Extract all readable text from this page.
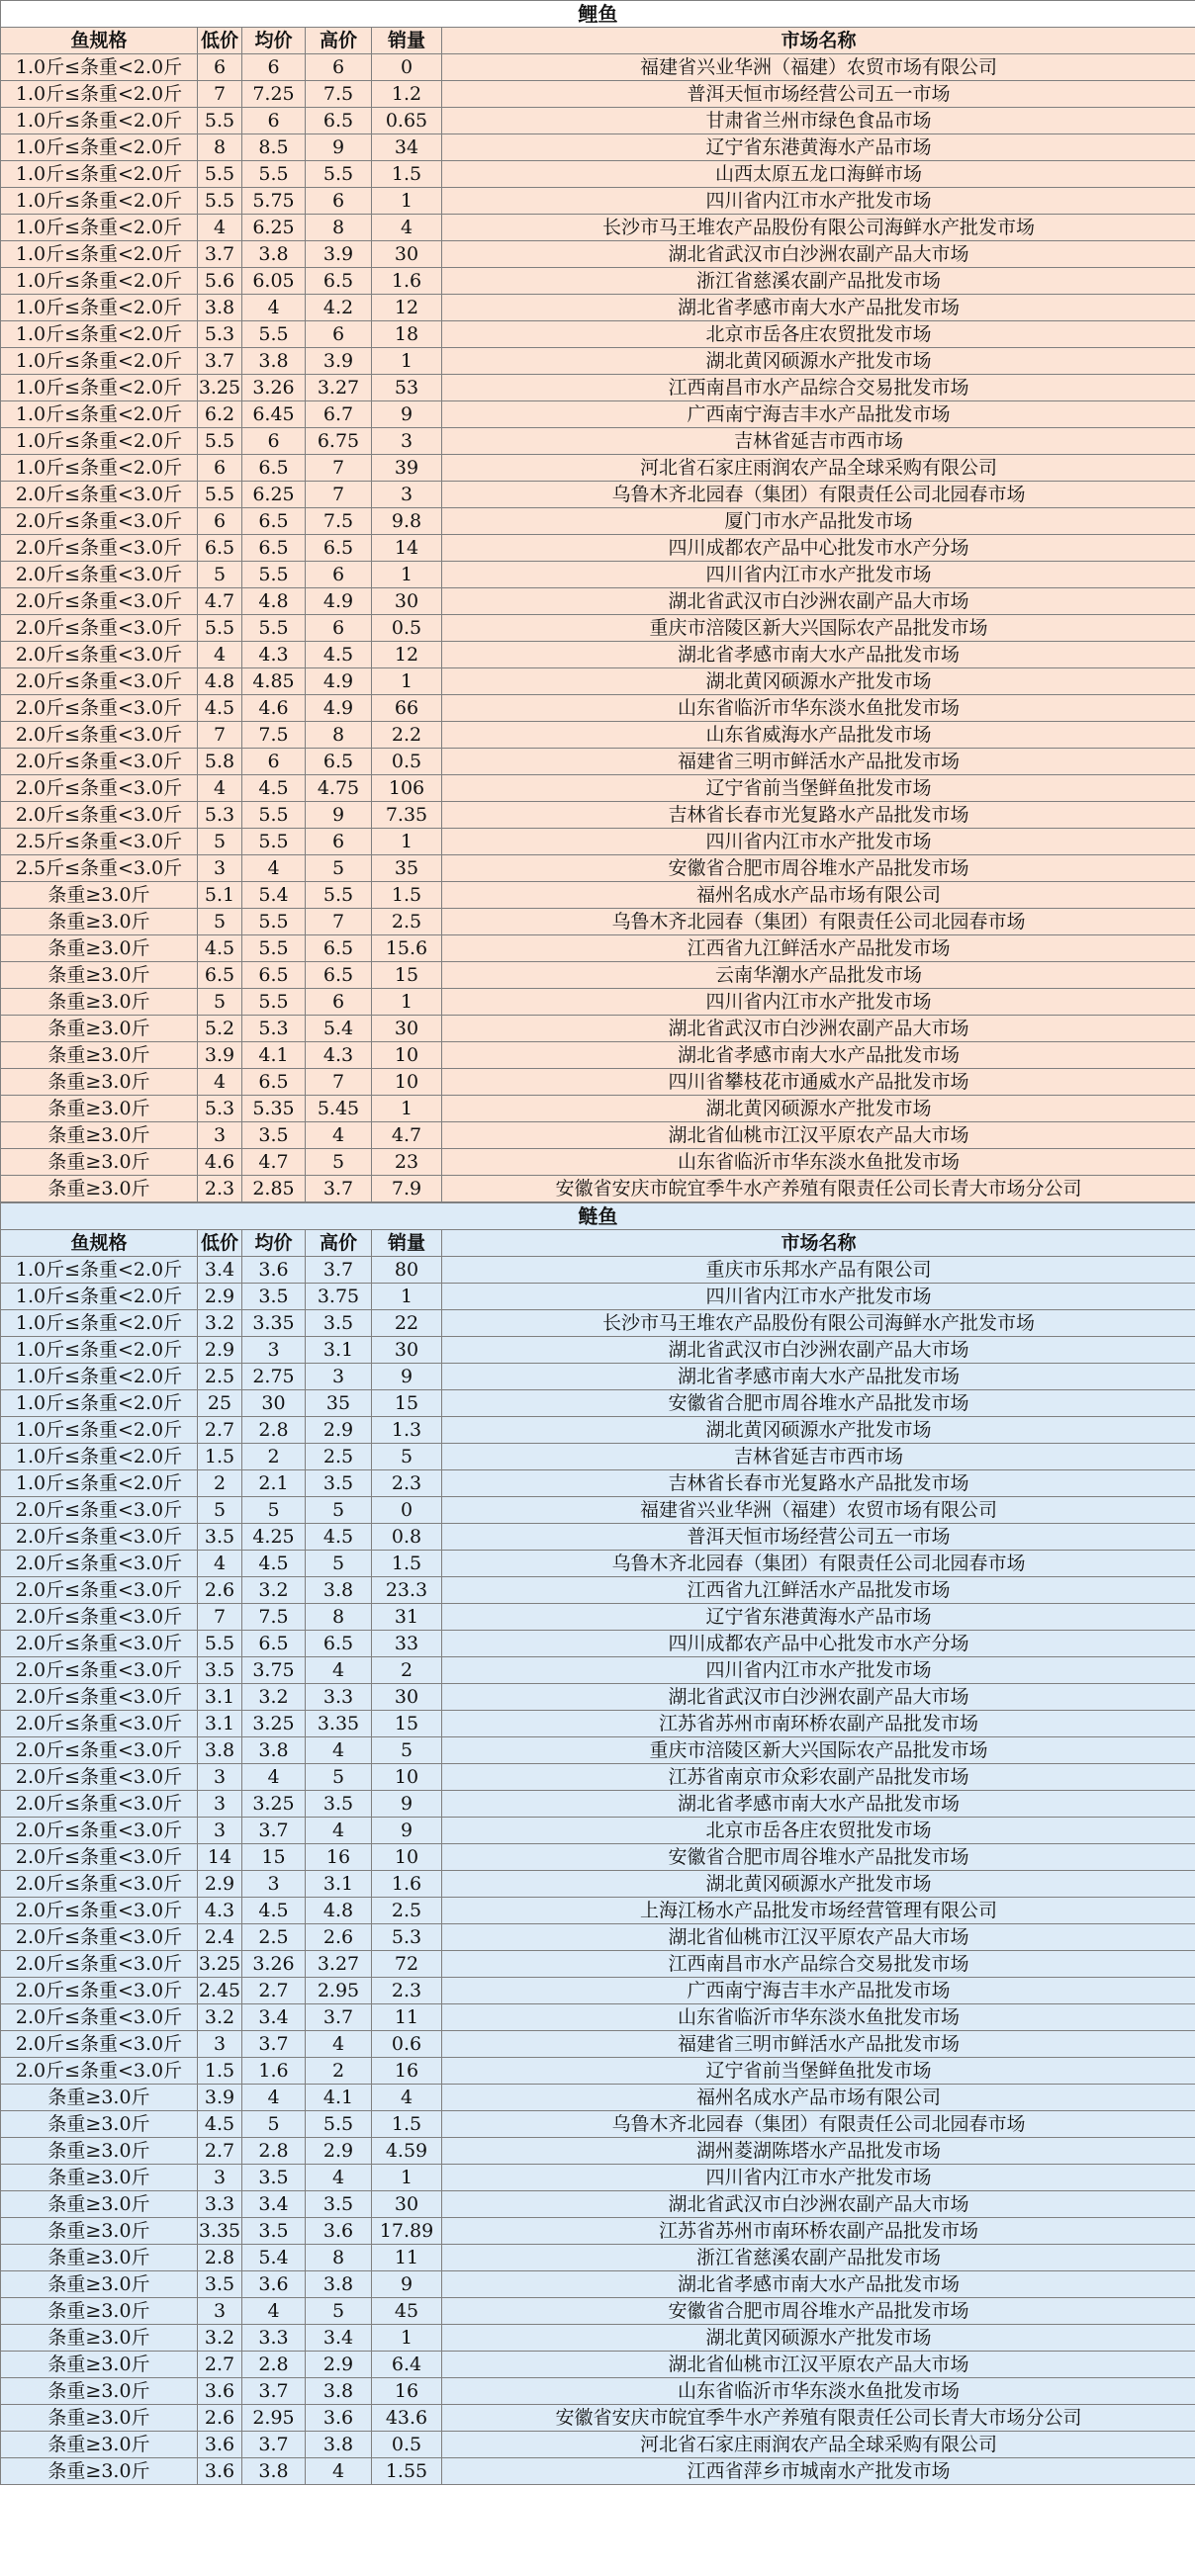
鲤鱼					
鱼规格	低价	均价	高价	销量	市场名称
1.0斤≤条重<2.0斤	6	6	6	0	福建省兴业华洲（福建）农贸市场有限公司
1.0斤≤条重<2.0斤	7	7.25	7.5	1.2	普洱天恒市场经营公司五一市场
1.0斤≤条重<2.0斤	5.5	6	6.5	0.65	甘肃省兰州市绿色食品市场
1.0斤≤条重<2.0斤	8	8.5	9	34	辽宁省东港黄海水产品市场
1.0斤≤条重<2.0斤	5.5	5.5	5.5	1.5	山西太原五龙口海鲜市场
1.0斤≤条重<2.0斤	5.5	5.75	6	1	四川省内江市水产批发市场
1.0斤≤条重<2.0斤	4	6.25	8	4	长沙市马王堆农产品股份有限公司海鲜水产批发市场
1.0斤≤条重<2.0斤	3.7	3.8	3.9	30	湖北省武汉市白沙洲农副产品大市场
1.0斤≤条重<2.0斤	5.6	6.05	6.5	1.6	浙江省慈溪农副产品批发市场
1.0斤≤条重<2.0斤	3.8	4	4.2	12	湖北省孝感市南大水产品批发市场
1.0斤≤条重<2.0斤	5.3	5.5	6	18	北京市岳各庄农贸批发市场
1.0斤≤条重<2.0斤	3.7	3.8	3.9	1	湖北黄冈硕源水产批发市场
1.0斤≤条重<2.0斤	3.25	3.26	3.27	53	江西南昌市水产品综合交易批发市场
1.0斤≤条重<2.0斤	6.2	6.45	6.7	9	广西南宁海吉丰水产品批发市场
1.0斤≤条重<2.0斤	5.5	6	6.75	3	吉林省延吉市西市场
1.0斤≤条重<2.0斤	6	6.5	7	39	河北省石家庄雨润农产品全球采购有限公司
2.0斤≤条重<3.0斤	5.5	6.25	7	3	乌鲁木齐北园春（集团）有限责任公司北园春市场
2.0斤≤条重<3.0斤	6	6.5	7.5	9.8	厦门市水产品批发市场
2.0斤≤条重<3.0斤	6.5	6.5	6.5	14	四川成都农产品中心批发市水产分场
2.0斤≤条重<3.0斤	5	5.5	6	1	四川省内江市水产批发市场
2.0斤≤条重<3.0斤	4.7	4.8	4.9	30	湖北省武汉市白沙洲农副产品大市场
2.0斤≤条重<3.0斤	5.5	5.5	6	0.5	重庆市涪陵区新大兴国际农产品批发市场
2.0斤≤条重<3.0斤	4	4.3	4.5	12	湖北省孝感市南大水产品批发市场
2.0斤≤条重<3.0斤	4.8	4.85	4.9	1	湖北黄冈硕源水产批发市场
2.0斤≤条重<3.0斤	4.5	4.6	4.9	66	山东省临沂市华东淡水鱼批发市场
2.0斤≤条重<3.0斤	7	7.5	8	2.2	山东省威海水产品批发市场
2.0斤≤条重<3.0斤	5.8	6	6.5	0.5	福建省三明市鲜活水产品批发市场
2.0斤≤条重<3.0斤	4	4.5	4.75	106	辽宁省前当堡鲜鱼批发市场
2.0斤≤条重<3.0斤	5.3	5.5	9	7.35	吉林省长春市光复路水产品批发市场
2.5斤≤条重<3.0斤	5	5.5	6	1	四川省内江市水产批发市场
2.5斤≤条重<3.0斤	3	4	5	35	安徽省合肥市周谷堆水产品批发市场
条重≥3.0斤	5.1	5.4	5.5	1.5	福州名成水产品市场有限公司
条重≥3.0斤	5	5.5	7	2.5	乌鲁木齐北园春（集团）有限责任公司北园春市场
条重≥3.0斤	4.5	5.5	6.5	15.6	江西省九江鲜活水产品批发市场
条重≥3.0斤	6.5	6.5	6.5	15	云南华潮水产品批发市场
条重≥3.0斤	5	5.5	6	1	四川省内江市水产批发市场
条重≥3.0斤	5.2	5.3	5.4	30	湖北省武汉市白沙洲农副产品大市场
条重≥3.0斤	3.9	4.1	4.3	10	湖北省孝感市南大水产品批发市场
条重≥3.0斤	4	6.5	7	10	四川省攀枝花市通威水产品批发市场
条重≥3.0斤	5.3	5.35	5.45	1	湖北黄冈硕源水产批发市场
条重≥3.0斤	3	3.5	4	4.7	湖北省仙桃市江汉平原农产品大市场
条重≥3.0斤	4.6	4.7	5	23	山东省临沂市华东淡水鱼批发市场
条重≥3.0斤	2.3	2.85	3.7	7.9	安徽省安庆市皖宜季牛水产养殖有限责任公司长青大市场分公司
鲢鱼					
鱼规格	低价	均价	高价	销量	市场名称
1.0斤≤条重<2.0斤	3.4	3.6	3.7	80	重庆市乐邦水产品有限公司
1.0斤≤条重<2.0斤	2.9	3.5	3.75	1	四川省内江市水产批发市场
1.0斤≤条重<2.0斤	3.2	3.35	3.5	22	长沙市马王堆农产品股份有限公司海鲜水产批发市场
1.0斤≤条重<2.0斤	2.9	3	3.1	30	湖北省武汉市白沙洲农副产品大市场
1.0斤≤条重<2.0斤	2.5	2.75	3	9	湖北省孝感市南大水产品批发市场
1.0斤≤条重<2.0斤	25	30	35	15	安徽省合肥市周谷堆水产品批发市场
1.0斤≤条重<2.0斤	2.7	2.8	2.9	1.3	湖北黄冈硕源水产批发市场
1.0斤≤条重<2.0斤	1.5	2	2.5	5	吉林省延吉市西市场
1.0斤≤条重<2.0斤	2	2.1	3.5	2.3	吉林省长春市光复路水产品批发市场
2.0斤≤条重<3.0斤	5	5	5	0	福建省兴业华洲（福建）农贸市场有限公司
2.0斤≤条重<3.0斤	3.5	4.25	4.5	0.8	普洱天恒市场经营公司五一市场
2.0斤≤条重<3.0斤	4	4.5	5	1.5	乌鲁木齐北园春（集团）有限责任公司北园春市场
2.0斤≤条重<3.0斤	2.6	3.2	3.8	23.3	江西省九江鲜活水产品批发市场
2.0斤≤条重<3.0斤	7	7.5	8	31	辽宁省东港黄海水产品市场
2.0斤≤条重<3.0斤	5.5	6.5	6.5	33	四川成都农产品中心批发市水产分场
2.0斤≤条重<3.0斤	3.5	3.75	4	2	四川省内江市水产批发市场
2.0斤≤条重<3.0斤	3.1	3.2	3.3	30	湖北省武汉市白沙洲农副产品大市场
2.0斤≤条重<3.0斤	3.1	3.25	3.35	15	江苏省苏州市南环桥农副产品批发市场
2.0斤≤条重<3.0斤	3.8	3.8	4	5	重庆市涪陵区新大兴国际农产品批发市场
2.0斤≤条重<3.0斤	3	4	5	10	江苏省南京市众彩农副产品批发市场
2.0斤≤条重<3.0斤	3	3.25	3.5	9	湖北省孝感市南大水产品批发市场
2.0斤≤条重<3.0斤	3	3.7	4	9	北京市岳各庄农贸批发市场
2.0斤≤条重<3.0斤	14	15	16	10	安徽省合肥市周谷堆水产品批发市场
2.0斤≤条重<3.0斤	2.9	3	3.1	1.6	湖北黄冈硕源水产批发市场
2.0斤≤条重<3.0斤	4.3	4.5	4.8	2.5	上海江杨水产品批发市场经营管理有限公司
2.0斤≤条重<3.0斤	2.4	2.5	2.6	5.3	湖北省仙桃市江汉平原农产品大市场
2.0斤≤条重<3.0斤	3.25	3.26	3.27	72	江西南昌市水产品综合交易批发市场
2.0斤≤条重<3.0斤	2.45	2.7	2.95	2.3	广西南宁海吉丰水产品批发市场
2.0斤≤条重<3.0斤	3.2	3.4	3.7	11	山东省临沂市华东淡水鱼批发市场
2.0斤≤条重<3.0斤	3	3.7	4	0.6	福建省三明市鲜活水产品批发市场
2.0斤≤条重<3.0斤	1.5	1.6	2	16	辽宁省前当堡鲜鱼批发市场
条重≥3.0斤	3.9	4	4.1	4	福州名成水产品市场有限公司
条重≥3.0斤	4.5	5	5.5	1.5	乌鲁木齐北园春（集团）有限责任公司北园春市场
条重≥3.0斤	2.7	2.8	2.9	4.59	湖州菱湖陈塔水产品批发市场
条重≥3.0斤	3	3.5	4	1	四川省内江市水产批发市场
条重≥3.0斤	3.3	3.4	3.5	30	湖北省武汉市白沙洲农副产品大市场
条重≥3.0斤	3.35	3.5	3.6	17.89	江苏省苏州市南环桥农副产品批发市场
条重≥3.0斤	2.8	5.4	8	11	浙江省慈溪农副产品批发市场
条重≥3.0斤	3.5	3.6	3.8	9	湖北省孝感市南大水产品批发市场
条重≥3.0斤	3	4	5	45	安徽省合肥市周谷堆水产品批发市场
条重≥3.0斤	3.2	3.3	3.4	1	湖北黄冈硕源水产批发市场
条重≥3.0斤	2.7	2.8	2.9	6.4	湖北省仙桃市江汉平原农产品大市场
条重≥3.0斤	3.6	3.7	3.8	16	山东省临沂市华东淡水鱼批发市场
条重≥3.0斤	2.6	2.95	3.6	43.6	安徽省安庆市皖宜季牛水产养殖有限责任公司长青大市场分公司
条重≥3.0斤	3.6	3.7	3.8	0.5	河北省石家庄雨润农产品全球采购有限公司
条重≥3.0斤	3.6	3.8	4	1.55	江西省萍乡市城南水产批发市场
